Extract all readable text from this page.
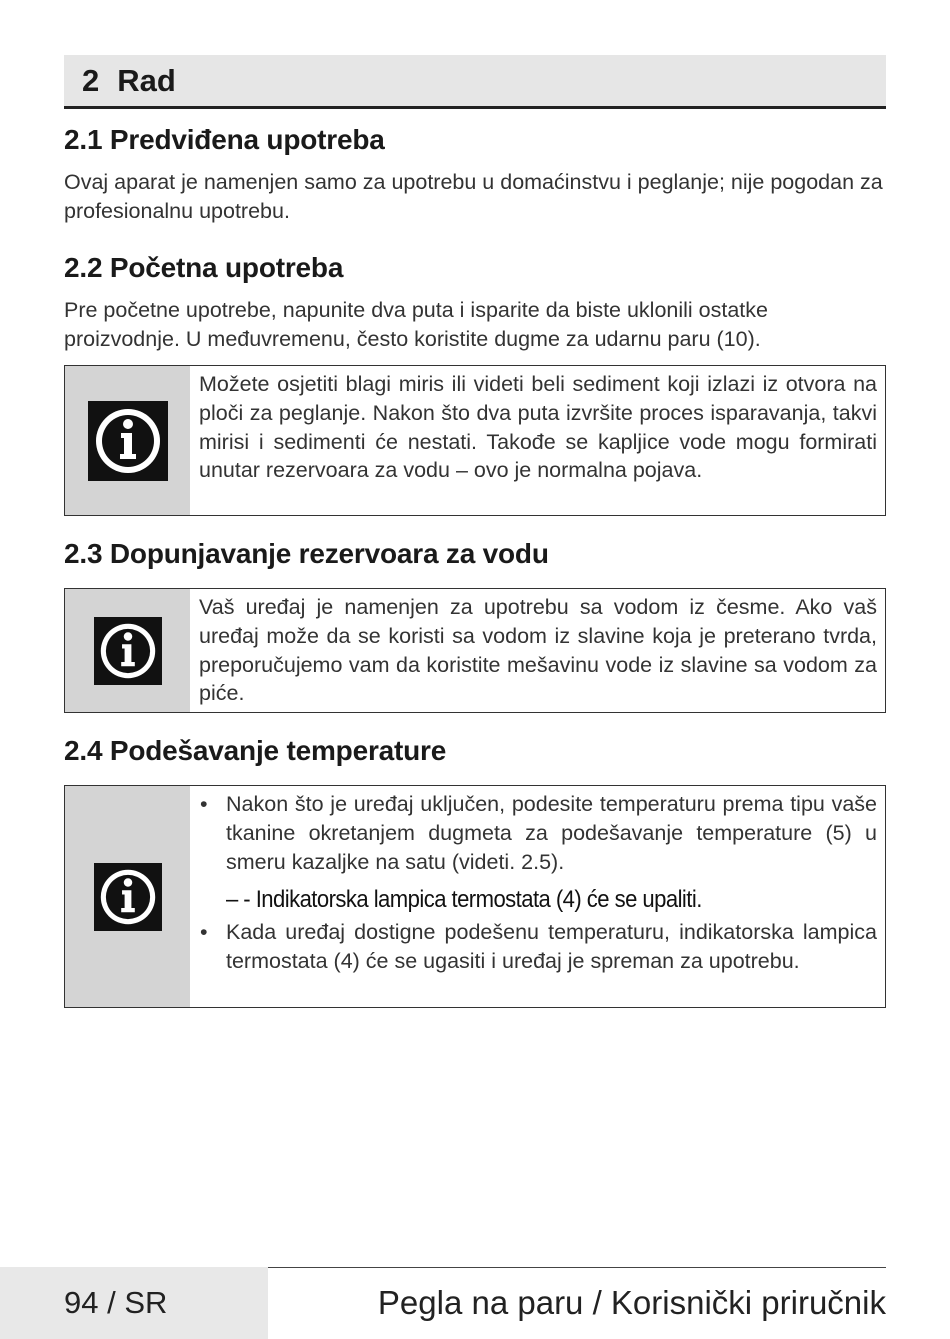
2 Rad
2.1 Predviđena upotreba

Ovaj aparat je namenjen samo za upotrebu u domaćinstvu i peglanje; nije pogodan za profesionalnu upotrebu.

2.2 Početna upotreba

Pre početne upotrebe, napunite dva puta i isparite da biste uklonili ostatke proizvodnje. U međuvremenu, često koristite dugme za udarnu paru (10).

Možete osjetiti blagi miris ili videti beli sediment koji izlazi iz otvora na ploči za peglanje. Nakon što dva puta izvršite proces isparavanja, takvi mirisi i sedimenti će nestati. Takođe se kapljice vode mogu formirati unutar rezervoara za vodu – ovo je normalna pojava.
2.3 Dopunjavanje rezervoara za vodu
Vaš uređaj je namenjen za upotrebu sa vodom iz česme. Ako vaš uređaj može da se koristi sa vodom iz slavine koja je preterano tvrda, preporučujemo vam da koristite mešavinu vode iz slavine sa vodom za piće.
2.4 Podešavanje temperature
• Nakon što je uređaj uključen, podesite temperaturu prema tipu vaše tkanine okretanjem dugmeta za podešavanje temperature (5) u smeru kazaljke na satu (videti. 2.5).
– - Indikatorska lampica termostata (4) će se upaliti.
• Kada uređaj dostigne podešenu temperaturu, indikatorska lampica termostata (4) će se ugasiti i uređaj je spreman za upotrebu.
94 / SR	Pegla na paru / Korisnički priručnik
